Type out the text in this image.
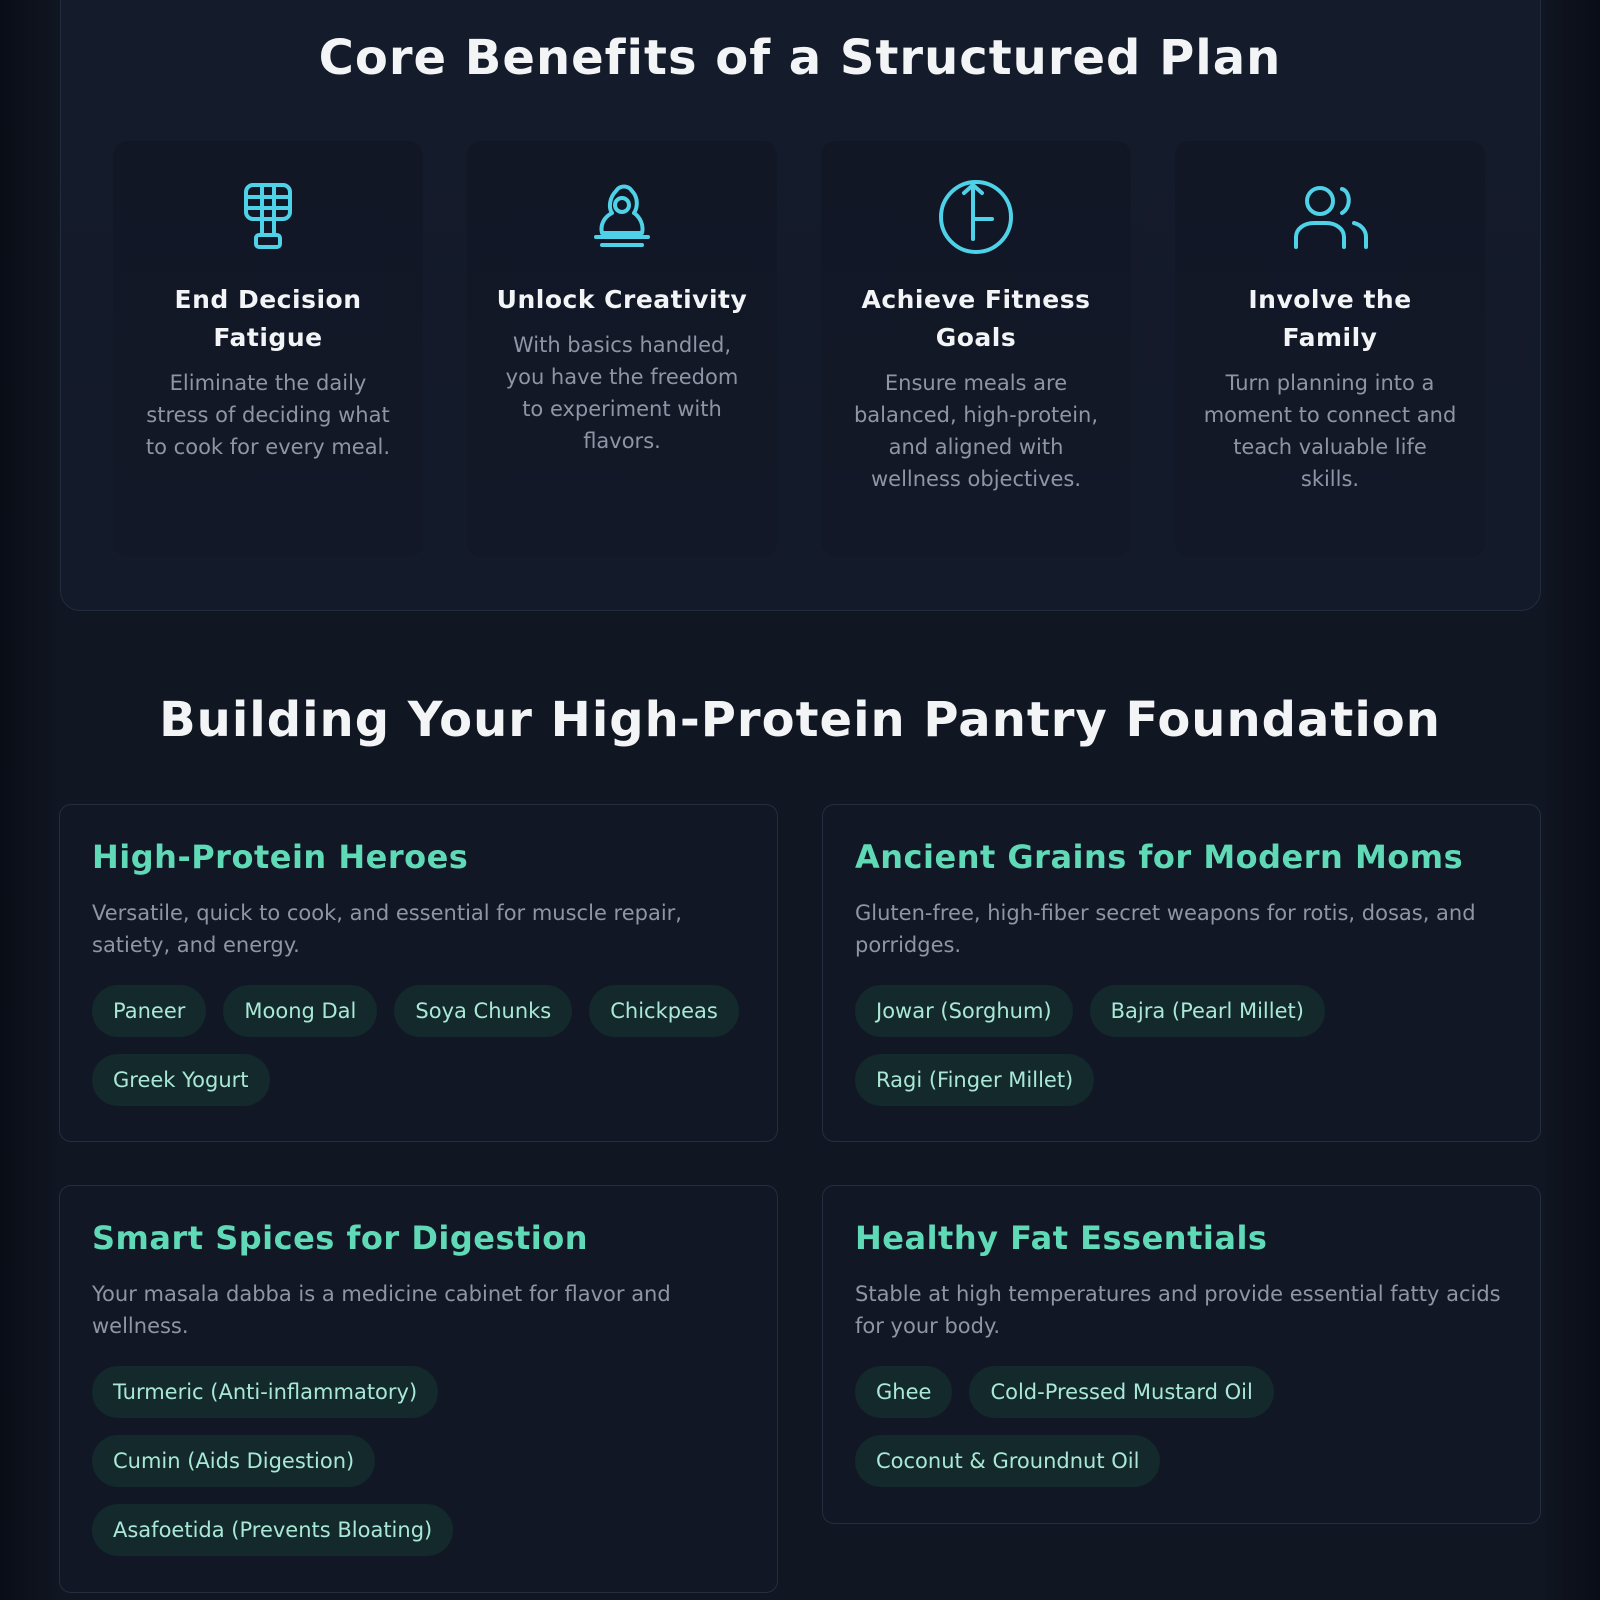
Core Benefits of a Structured Plan
End Decision Fatigue
Eliminate the daily stress of deciding what to cook for every meal.
Unlock Creativity
With basics handled, you have the freedom to experiment with flavors.
Achieve Fitness Goals
Ensure meals are balanced, high-protein, and aligned with wellness objectives.
Involve the Family
Turn planning into a moment to connect and teach valuable life skills.
Building Your High-Protein Pantry Foundation
High-Protein Heroes
Versatile, quick to cook, and essential for muscle repair, satiety, and energy.
Paneer	Moong Dal	Soya Chunks	Chickpeas
Greek Yogurt
Ancient Grains for Modern Moms
Gluten-free, high-fiber secret weapons for rotis, dosas, and porridges.
Jowar (Sorghum)	Bajra (Pearl Millet)
Ragi (Finger Millet)
Smart Spices for Digestion
Your masala dabba is a medicine cabinet for flavor and wellness.
Turmeric (Anti-inflammatory)
Cumin (Aids Digestion)
Asafoetida (Prevents Bloating)
Healthy Fat Essentials
Stable at high temperatures and provide essential fatty acids for your body.
Ghee	Cold-Pressed Mustard Oil
Coconut & Groundnut Oil
